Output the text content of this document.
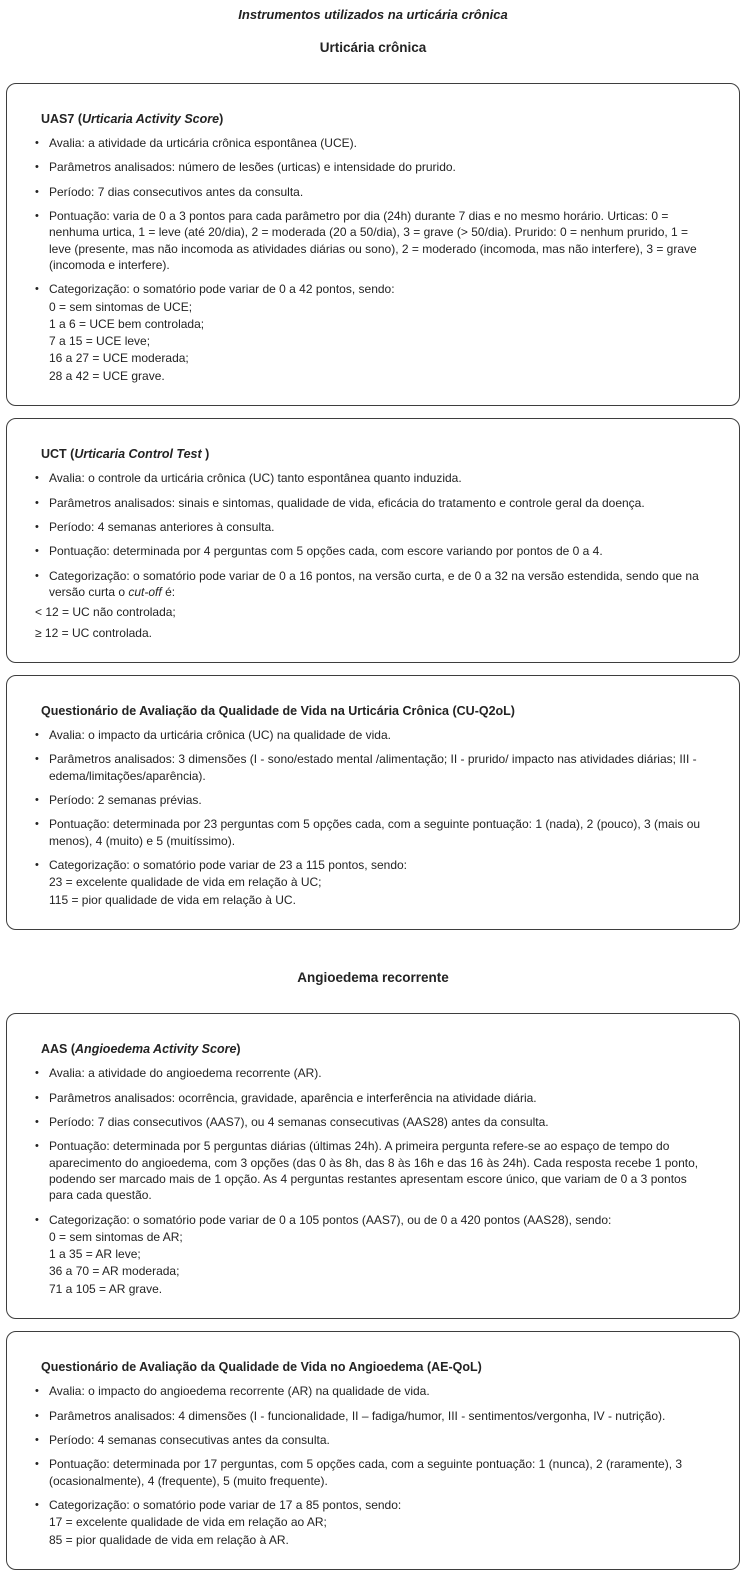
Instrumentos utilizados na urticária crônica
Urticária crônica
UAS7 (Urticaria Activity Score)
• Avalia: a atividade da urticária crônica espontânea (UCE).
• Parâmetros analisados: número de lesões (urticas) e intensidade do prurido.
• Período: 7 dias consecutivos antes da consulta.
• Pontuação: varia de 0 a 3 pontos para cada parâmetro por dia (24h) durante 7 dias e no mesmo horário. Urticas: 0 = nenhuma urtica, 1 = leve (até 20/dia), 2 = moderada (20 a 50/dia), 3 = grave (> 50/dia). Prurido: 0 = nenhum prurido, 1 = leve (presente, mas não incomoda as atividades diárias ou sono), 2 = moderado (incomoda, mas não interfere), 3 = grave (incomoda e interfere).
• Categorização: o somatório pode variar de 0 a 42 pontos, sendo:
0 = sem sintomas de UCE;
1 a 6 = UCE bem controlada;
7 a 15 = UCE leve;
16 a 27 = UCE moderada;
28 a 42 = UCE grave.
UCT (Urticaria Control Test )
• Avalia: o controle da urticária crônica (UC) tanto espontânea quanto induzida.
• Parâmetros analisados: sinais e sintomas, qualidade de vida, eficácia do tratamento e controle geral da doença.
• Período: 4 semanas anteriores à consulta.
• Pontuação: determinada por 4 perguntas com 5 opções cada, com escore variando por pontos de 0 a 4.
• Categorização: o somatório pode variar de 0 a 16 pontos, na versão curta, e de 0 a 32 na versão estendida, sendo que na versão curta o cut-off é:
< 12 = UC não controlada;
≥ 12 = UC controlada.
Questionário de Avaliação da Qualidade de Vida na Urticária Crônica (CU-Q2oL)
• Avalia: o impacto da urticária crônica (UC) na qualidade de vida.
• Parâmetros analisados: 3 dimensões (I - sono/estado mental /alimentação; II - prurido/ impacto nas atividades diárias; III - edema/limitações/aparência).
• Período: 2 semanas prévias.
• Pontuação: determinada por 23 perguntas com 5 opções cada, com a seguinte pontuação: 1 (nada), 2 (pouco), 3 (mais ou menos), 4 (muito) e 5 (muitíssimo).
• Categorização: o somatório pode variar de 23 a 115 pontos, sendo:
23 = excelente qualidade de vida em relação à UC;
115 = pior qualidade de vida em relação à UC.
Angioedema recorrente
AAS (Angioedema Activity Score)
• Avalia: a atividade do angioedema recorrente (AR).
• Parâmetros analisados: ocorrência, gravidade, aparência e interferência na atividade diária.
• Período: 7 dias consecutivos (AAS7), ou 4 semanas consecutivas (AAS28) antes da consulta.
• Pontuação: determinada por 5 perguntas diárias (últimas 24h). A primeira pergunta refere-se ao espaço de tempo do aparecimento do angioedema, com 3 opções (das 0 às 8h, das 8 às 16h e das 16 às 24h). Cada resposta recebe 1 ponto, podendo ser marcado mais de 1 opção. As 4 perguntas restantes apresentam escore único, que variam de 0 a 3 pontos para cada questão.
• Categorização: o somatório pode variar de 0 a 105 pontos (AAS7), ou de 0 a 420 pontos (AAS28), sendo:
0 = sem sintomas de AR;
1 a 35 = AR leve;
36 a 70 = AR moderada;
71 a 105 = AR grave.
Questionário de Avaliação da Qualidade de Vida no Angioedema (AE-QoL)
• Avalia: o impacto do angioedema recorrente (AR) na qualidade de vida.
• Parâmetros analisados: 4 dimensões (I - funcionalidade, II – fadiga/humor, III - sentimentos/vergonha, IV - nutrição).
• Período: 4 semanas consecutivas antes da consulta.
• Pontuação: determinada por 17 perguntas, com 5 opções cada, com a seguinte pontuação: 1 (nunca), 2 (raramente), 3 (ocasionalmente), 4 (frequente), 5 (muito frequente).
• Categorização: o somatório pode variar de 17 a 85 pontos, sendo:
17 = excelente qualidade de vida em relação ao AR;
85 = pior qualidade de vida em relação à AR.
